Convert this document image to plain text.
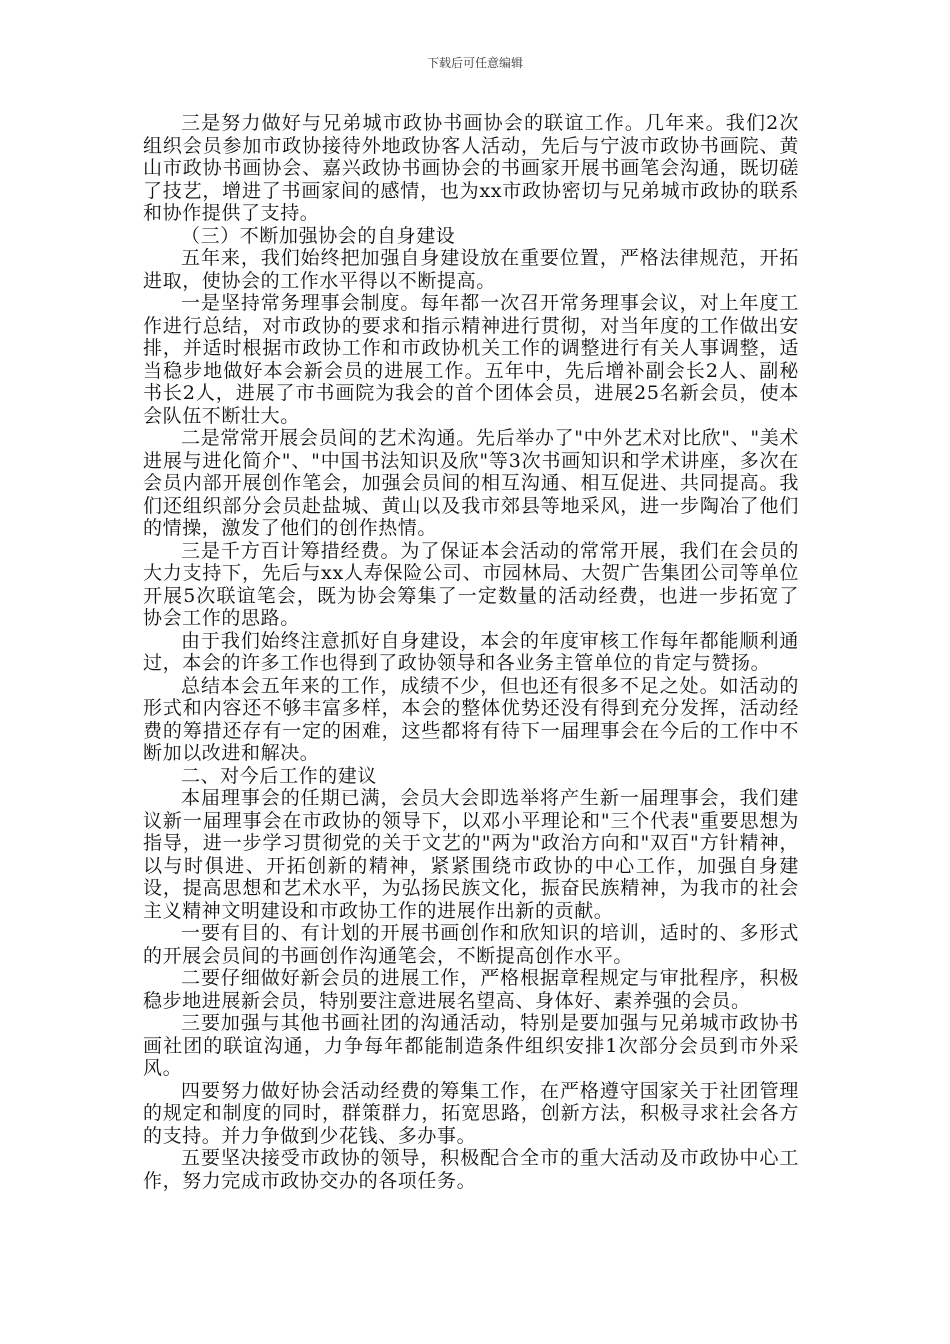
下载后可任意编辑

三是努力做好与兄弟城市政协书画协会的联谊工作。几年来。我们2次组织会员参加市政协接待外地政协客人活动，先后与宁波市政协书画院、黄山市政协书画协会、嘉兴政协书画协会的书画家开展书画笔会沟通，既切磋了技艺，增进了书画家间的感情，也为xx市政协密切与兄弟城市政协的联系和协作提供了支持。

（三）不断加强协会的自身建设

五年来，我们始终把加强自身建设放在重要位置，严格法律规范，开拓进取，使协会的工作水平得以不断提高。

一是坚持常务理事会制度。每年都一次召开常务理事会议，对上年度工作进行总结，对市政协的要求和指示精神进行贯彻，对当年度的工作做出安排，并适时根据市政协工作和市政协机关工作的调整进行有关人事调整，适当稳步地做好本会新会员的进展工作。五年中，先后增补副会长2人、副秘书长2人，进展了市书画院为我会的首个团体会员，进展25名新会员，使本会队伍不断壮大。

二是常常开展会员间的艺术沟通。先后举办了"中外艺术对比欣"、"美术进展与进化简介"、"中国书法知识及欣"等3次书画知识和学术讲座，多次在会员内部开展创作笔会，加强会员间的相互沟通、相互促进、共同提高。我们还组织部分会员赴盐城、黄山以及我市郊县等地采风，进一步陶冶了他们的情操，激发了他们的创作热情。

三是千方百计筹措经费。为了保证本会活动的常常开展，我们在会员的大力支持下，先后与xx人寿保险公司、市园林局、大贺广告集团公司等单位开展5次联谊笔会，既为协会筹集了一定数量的活动经费，也进一步拓宽了协会工作的思路。

由于我们始终注意抓好自身建设，本会的年度审核工作每年都能顺利通过，本会的许多工作也得到了政协领导和各业务主管单位的肯定与赞扬。

总结本会五年来的工作，成绩不少，但也还有很多不足之处。如活动的形式和内容还不够丰富多样，本会的整体优势还没有得到充分发挥，活动经费的筹措还存有一定的困难，这些都将有待下一届理事会在今后的工作中不断加以改进和解决。

二、对今后工作的建议

本届理事会的任期已满，会员大会即选举将产生新一届理事会，我们建议新一届理事会在市政协的领导下，以邓小平理论和"三个代表"重要思想为指导，进一步学习贯彻党的关于文艺的"两为"政治方向和"双百"方针精神，以与时俱进、开拓创新的精神，紧紧围绕市政协的中心工作，加强自身建设，提高思想和艺术水平，为弘扬民族文化，振奋民族精神，为我市的社会主义精神文明建设和市政协工作的进展作出新的贡献。

一要有目的、有计划的开展书画创作和欣知识的培训，适时的、多形式的开展会员间的书画创作沟通笔会，不断提高创作水平。

二要仔细做好新会员的进展工作，严格根据章程规定与审批程序，积极稳步地进展新会员，特别要注意进展名望高、身体好、素养强的会员。

三要加强与其他书画社团的沟通活动，特别是要加强与兄弟城市政协书画社团的联谊沟通，力争每年都能制造条件组织安排1次部分会员到市外采风。

四要努力做好协会活动经费的筹集工作，在严格遵守国家关于社团管理的规定和制度的同时，群策群力，拓宽思路，创新方法，积极寻求社会各方的支持。并力争做到少花钱、多办事。

五要坚决接受市政协的领导，积极配合全市的重大活动及市政协中心工作，努力完成市政协交办的各项任务。
